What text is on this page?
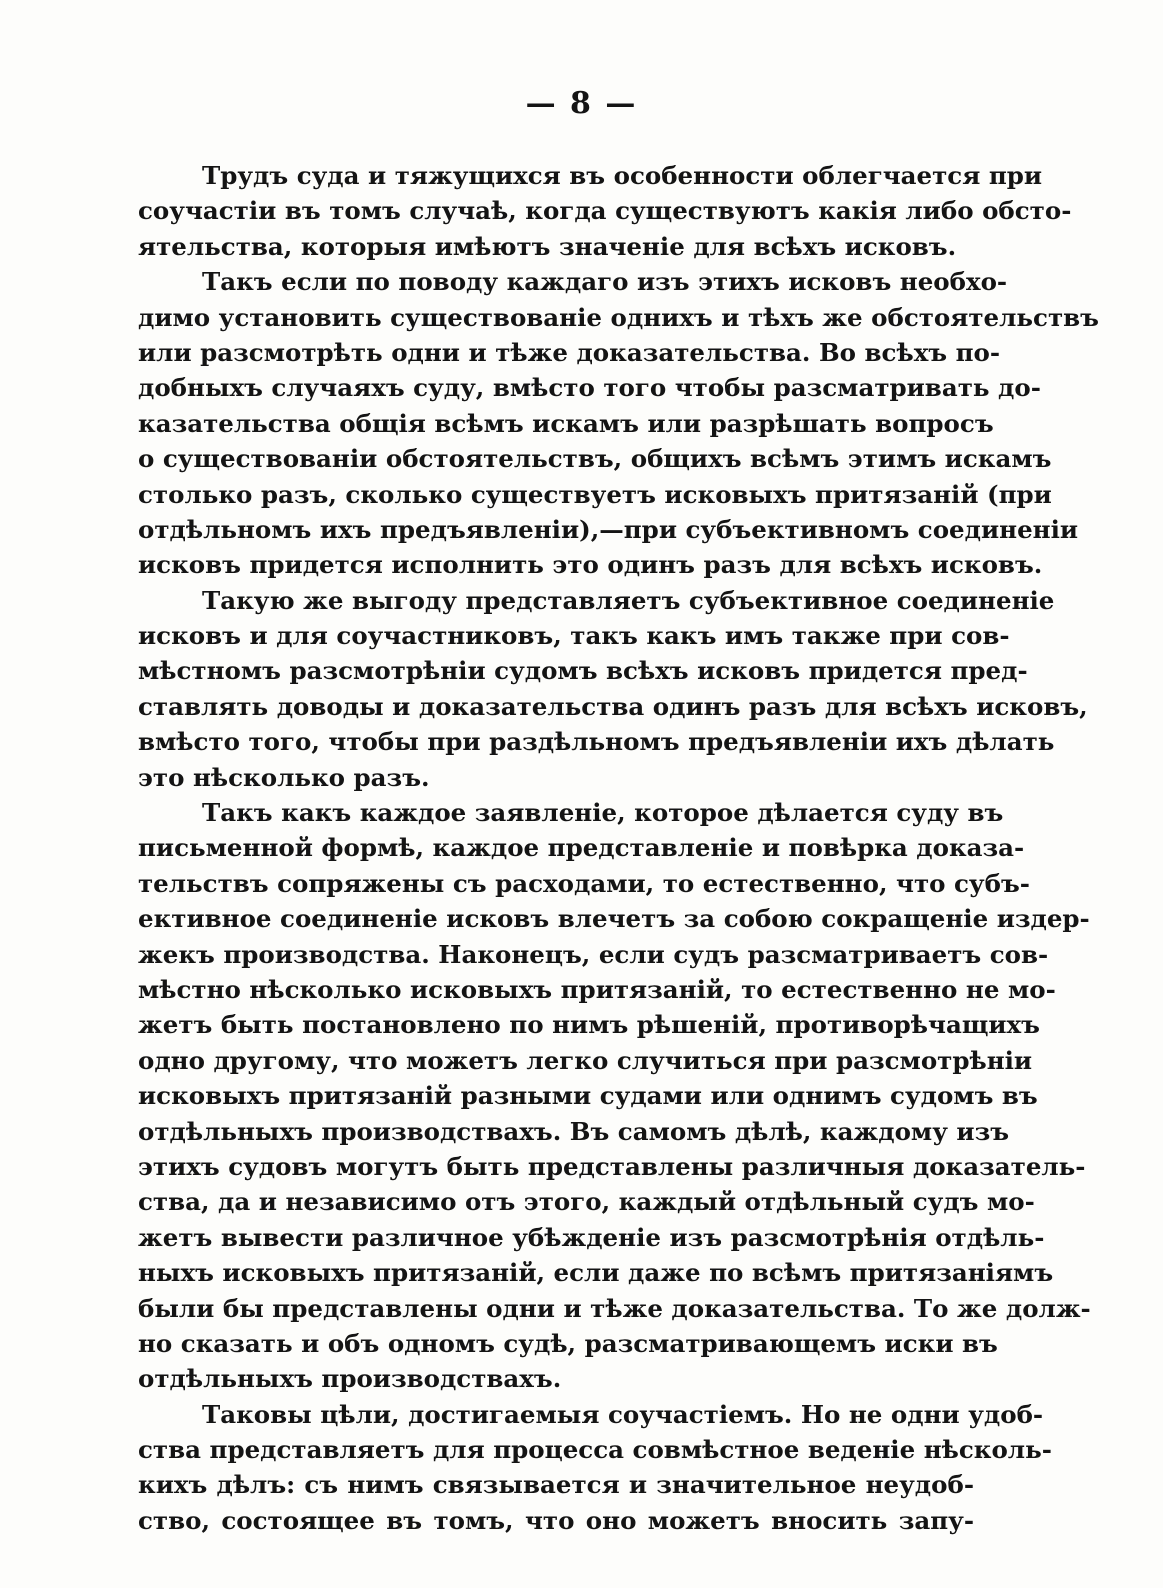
— 8 —
Трудъ суда и тяжущихся въ особенности облегчается при
соучастіи въ томъ случаѣ, когда существуютъ какія либо обсто-
ятельства, которыя имѣютъ значеніе для всѣхъ исковъ.
Такъ если по поводу каждаго изъ этихъ исковъ необхо-
димо установить существованіе однихъ и тѣхъ же обстоятельствъ
или разсмотрѣть одни и тѣже доказательства. Во всѣхъ по-
добныхъ случаяхъ суду, вмѣсто того чтобы разсматривать до-
казательства общія всѣмъ искамъ или разрѣшать вопросъ
о существованіи обстоятельствъ, общихъ всѣмъ этимъ искамъ
столько разъ, сколько существуетъ исковыхъ притязаній (при
отдѣльномъ ихъ предъявленіи),—при субъективномъ соединеніи
исковъ придется исполнить это одинъ разъ для всѣхъ исковъ.
Такую же выгоду представляетъ субъективное соединеніе
исковъ и для соучастниковъ, такъ какъ имъ также при сов-
мѣстномъ разсмотрѣніи судомъ всѣхъ исковъ придется пред-
ставлять доводы и доказательства одинъ разъ для всѣхъ исковъ,
вмѣсто того, чтобы при раздѣльномъ предъявленіи ихъ дѣлать
это нѣсколько разъ.
Такъ какъ каждое заявленіе, которое дѣлается суду въ
письменной формѣ, каждое представленіе и повѣрка доказа-
тельствъ сопряжены съ расходами, то естественно, что субъ-
ективное соединеніе исковъ влечетъ за собою сокращеніе издер-
жекъ производства. Наконецъ, если судъ разсматриваетъ сов-
мѣстно нѣсколько исковыхъ притязаній, то естественно не мо-
жетъ быть постановлено по нимъ рѣшеній, противорѣчащихъ
одно другому, что можетъ легко случиться при разсмотрѣніи
исковыхъ притязаній разными судами или однимъ судомъ въ
отдѣльныхъ производствахъ. Въ самомъ дѣлѣ, каждому изъ
этихъ судовъ могутъ быть представлены различныя доказатель-
ства, да и независимо отъ этого, каждый отдѣльный судъ мо-
жетъ вывести различное убѣжденіе изъ разсмотрѣнія отдѣль-
ныхъ исковыхъ притязаній, если даже по всѣмъ притязаніямъ
были бы представлены одни и тѣже доказательства. То же долж-
но сказать и объ одномъ судѣ, разсматривающемъ иски въ
отдѣльныхъ производствахъ.
Таковы цѣли, достигаемыя соучастіемъ. Но не одни удоб-
ства представляетъ для процесса совмѣстное веденіе нѣсколь-
кихъ дѣлъ: съ нимъ связывается и значительное неудоб-
ство, состоящее въ томъ, что оно можетъ вносить запу-
